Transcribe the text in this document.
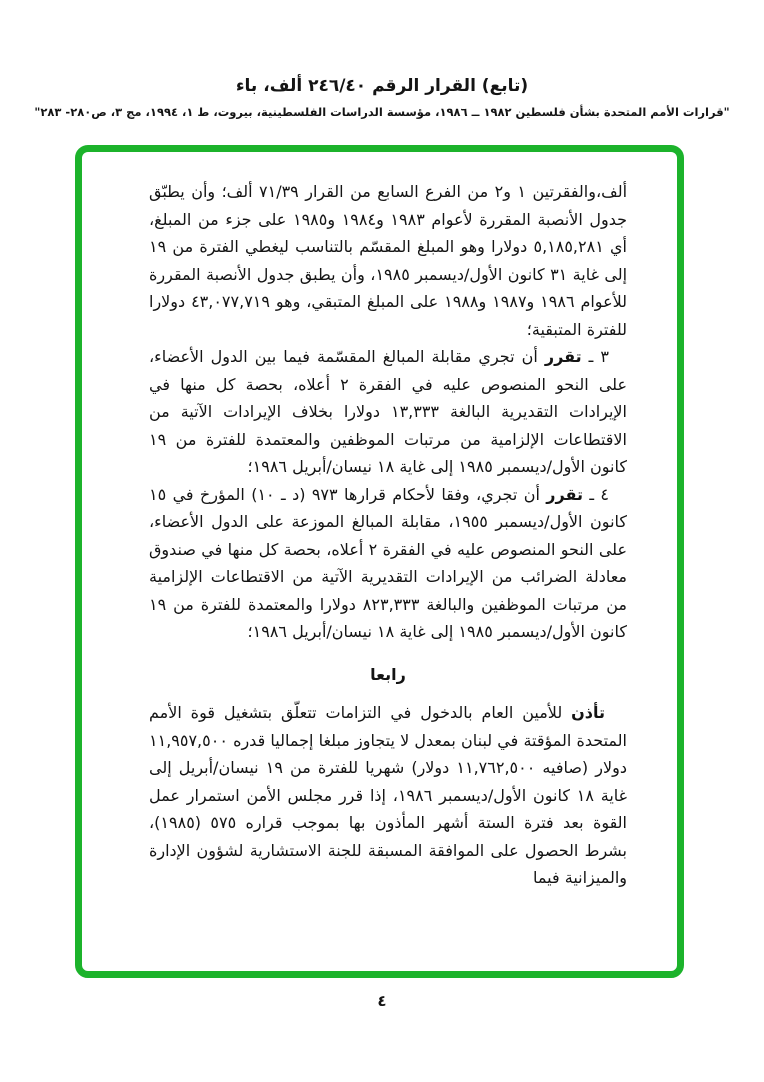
(تابع) القرار الرقم ٢٤٦/٤٠ ألف، باء
"قرارات الأمم المتحدة بشأن فلسطين ١٩٨٢ ــ ١٩٨٦، مؤسسة الدراسات الفلسطينية، بيروت، ط ١، ١٩٩٤، مج ٣، ص٢٨٠- ٢٨٣"

ألف،والفقرتين ١ و٢ من الفرع السابع من القرار ٧١/٣٩ ألف؛ وأن يطبّق جدول الأنصبة المقررة لأعوام ١٩٨٣ و١٩٨٤ و١٩٨٥ على جزء من المبلغ، أي ٥,١٨٥,٢٨١ دولارا وهو المبلغ المقسّم بالتناسب ليغطي الفترة من ١٩ إلى غاية ٣١ كانون الأول/ديسمبر ١٩٨٥، وأن يطبق جدول الأنصبة المقررة للأعوام ١٩٨٦ و١٩٨٧ و١٩٨٨ على المبلغ المتبقي، وهو ٤٣,٠٧٧,٧١٩ دولارا للفترة المتبقية؛

٣ ـ تقرر أن تجري مقابلة المبالغ المقسّمة فيما بين الدول الأعضاء، على النحو المنصوص عليه في الفقرة ٢ أعلاه، بحصة كل منها في الإيرادات التقديرية البالغة ١٣,٣٣٣ دولارا بخلاف الإيرادات الآتية من الاقتطاعات الإلزامية من مرتبات الموظفين والمعتمدة للفترة من ١٩ كانون الأول/ديسمبر ١٩٨٥ إلى غاية ١٨ نيسان/أبريل ١٩٨٦؛

٤ ـ تقرر أن تجري، وفقا لأحكام قرارها ٩٧٣ (د ـ ١٠) المؤرخ في ١٥ كانون الأول/ديسمبر ١٩٥٥، مقابلة المبالغ الموزعة على الدول الأعضاء، على النحو المنصوص عليه في الفقرة ٢ أعلاه، بحصة كل منها في صندوق معادلة الضرائب من الإيرادات التقديرية الآتية من الاقتطاعات الإلزامية من مرتبات الموظفين والبالغة ٨٢٣,٣٣٣ دولارا والمعتمدة للفترة من ١٩ كانون الأول/ديسمبر ١٩٨٥ إلى غاية ١٨ نيسان/أبريل ١٩٨٦؛

رابعا

تأذن للأمين العام بالدخول في التزامات تتعلّق بتشغيل قوة الأمم المتحدة المؤقتة في لبنان بمعدل لا يتجاوز مبلغا إجماليا قدره ١١,٩٥٧,٥٠٠ دولار (صافيه ١١,٧٦٢,٥٠٠ دولار) شهريا للفترة من ١٩ نيسان/أبريل إلى غاية ١٨ كانون الأول/ديسمبر ١٩٨٦، إذا قرر مجلس الأمن استمرار عمل القوة بعد فترة الستة أشهر المأذون بها بموجب قراره ٥٧٥ (١٩٨٥)، بشرط الحصول على الموافقة المسبقة للجنة الاستشارية لشؤون الإدارة والميزانية فيما

٤
